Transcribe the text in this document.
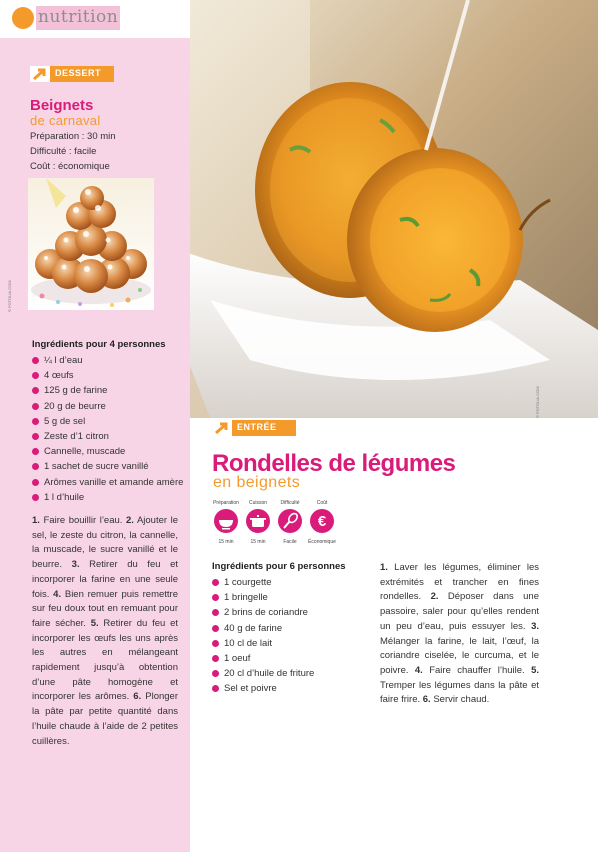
nutrition
DESSERT
Beignets
de carnaval
Préparation : 30 min
Difficulté : facile
Coût : économique
© FOTOLIA.COM
Ingrédients pour 4 personnes
¼ l d’eau
4 œufs
125 g de farine
20 g de beurre
5 g de sel
Zeste d’1 citron
Cannelle, muscade
1 sachet de sucre vanillé
Arômes vanille et amande amère
1 l d’huile
1. Faire bouillir l’eau. 2. Ajouter le sel, le zeste du citron, la cannelle, la muscade, le sucre vanillé et le beurre. 3. Retirer du feu et incorporer la farine en une seule fois. 4. Bien remuer puis remettre sur feu doux tout en remuant pour faire sécher. 5. Retirer du feu et incorporer les œufs les uns après les autres en mélangeant rapidement jusqu’à obtention d’une pâte homogène et incorporer les arômes. 6. Plonger la pâte par petite quantité dans l’huile chaude à l’aide de 2 petites cuillères.
© FOTOLIA.COM
ENTRÉE
Rondelles de légumes
en beignets
Préparation
15 min
Cuisson
15 min
Difficulté
Facile
Coût
€
Économique
Ingrédients pour 6 personnes
1 courgette
1 bringelle
2 brins de coriandre
40 g de farine
10 cl de lait
1 oeuf
20 cl d’huile de friture
Sel et poivre
1. Laver les légumes, éliminer les extrémités et trancher en fines rondelles. 2. Déposer dans une passoire, saler pour qu’elles rendent un peu d’eau, puis essuyer les. 3. Mélanger la farine, le lait, l’œuf, la coriandre ciselée, le curcuma, et le poivre. 4. Faire chauffer l’huile. 5. Tremper les légumes dans la pâte et faire frire. 6. Servir chaud.
